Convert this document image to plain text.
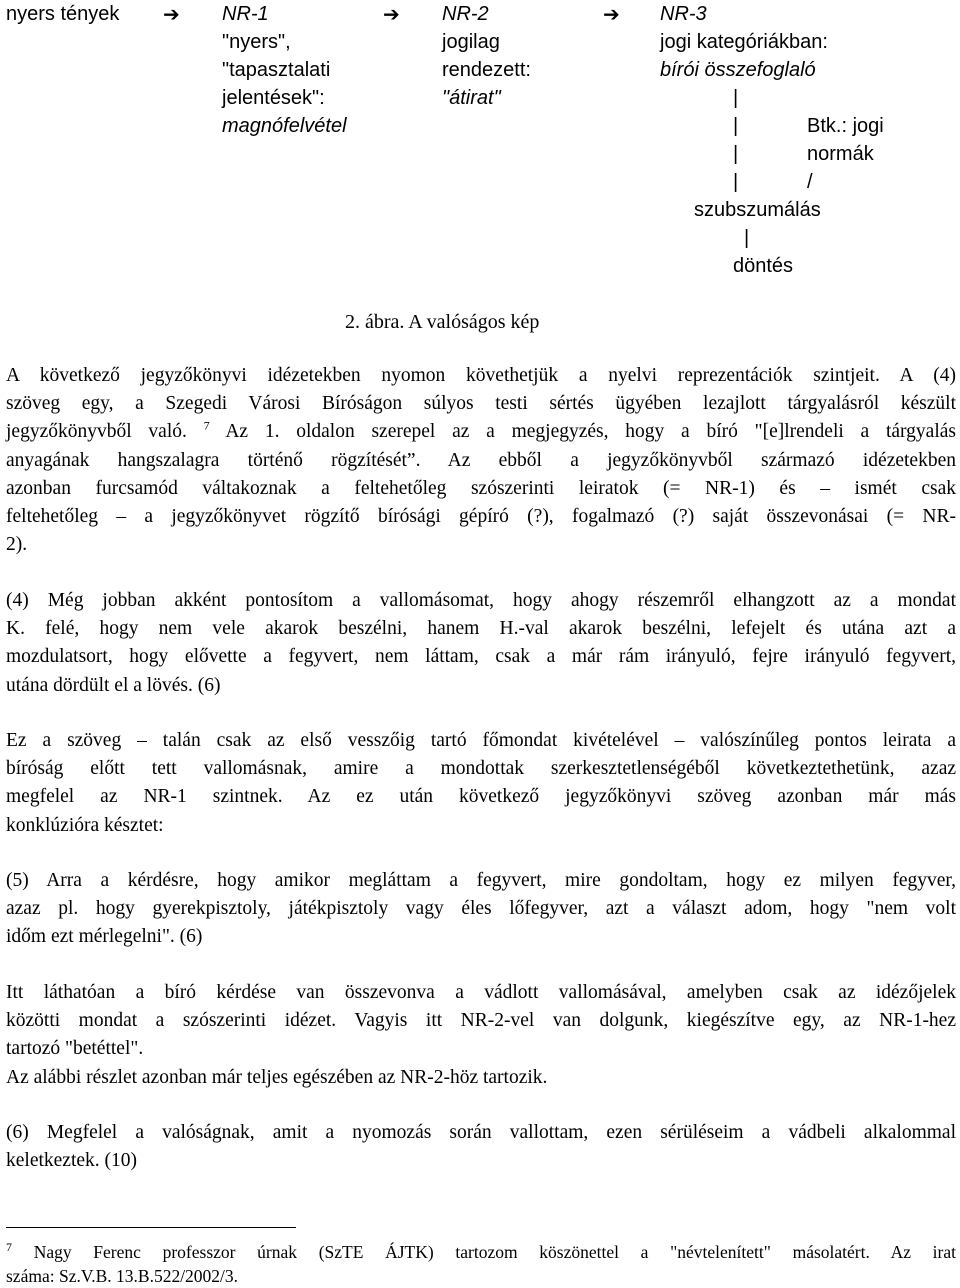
nyers tények ➔ NR-1
"nyers",
"tapasztalati
jelentések":
magnófelvétel
➔ NR-2
jogilag
rendezett:
"átirat"
➔ NR-3
jogi kategóriákban:
bírói összefoglaló
|
|	Btk.: jogi
|	normák
|	/
szubszumálás
|
döntés
2. ábra. A valóságos kép
A következő jegyzőkönyvi idézetekben nyomon követhetjük a nyelvi reprezentációk szintjeit. A (4)
szöveg egy, a Szegedi Városi Bíróságon súlyos testi sértés ügyében lezajlott tárgyalásról készült
jegyzőkönyvből való. $^7$ Az 1. oldalon szerepel az a megjegyzés, hogy a bíró "[e]lrendeli a tárgyalás
anyagának hangszalagra történő rögzítését”. Az ebből a jegyzőkönyvből származó idézetekben
azonban furcsamód váltakoznak a feltehetőleg szószerinti leiratok (= NR-1) és – ismét csak
feltehetőleg – a jegyzőkönyvet rögzítő bírósági gépíró (?), fogalmazó (?) saját összevonásai (= NR-
2).
(4) Még jobban akként pontosítom a vallomásomat, hogy ahogy részemről elhangzott az a mondat
K. felé, hogy nem vele akarok beszélni, hanem H.-val akarok beszélni, lefejelt és utána azt a
mozdulatsort, hogy elővette a fegyvert, nem láttam, csak a már rám irányuló, fejre irányuló fegyvert,
utána dördült el a lövés. (6)
Ez a szöveg – talán csak az első vesszőig tartó főmondat kivételével – valószínűleg pontos leirata a
bíróság előtt tett vallomásnak, amire a mondottak szerkesztetlenségéből következtethetünk, azaz
megfelel az NR-1 szintnek. Az ez után következő jegyzőkönyvi szöveg azonban már más
konklúzióra késztet:
(5) Arra a kérdésre, hogy amikor megláttam a fegyvert, mire gondoltam, hogy ez milyen fegyver,
azaz pl. hogy gyerekpisztoly, játékpisztoly vagy éles lőfegyver, azt a választ adom, hogy "nem volt
időm ezt mérlegelni". (6)
Itt láthatóan a bíró kérdése van összevonva a vádlott vallomásával, amelyben csak az idézőjelek
közötti mondat a szószerinti idézet. Vagyis itt NR-2-vel van dolgunk, kiegészítve egy, az NR-1-hez
tartozó "betéttel".
Az alábbi részlet azonban már teljes egészében az NR-2-höz tartozik.
(6) Megfelel a valóságnak, amit a nyomozás során vallottam, ezen sérüléseim a vádbeli alkalommal
keletkeztek. (10)
$^7$ Nagy Ferenc professzor úrnak (SzTE ÁJTK) tartozom köszönettel a "névtelenített" másolatért. Az irat
száma: Sz.V.B. 13.B.522/2002/3.
